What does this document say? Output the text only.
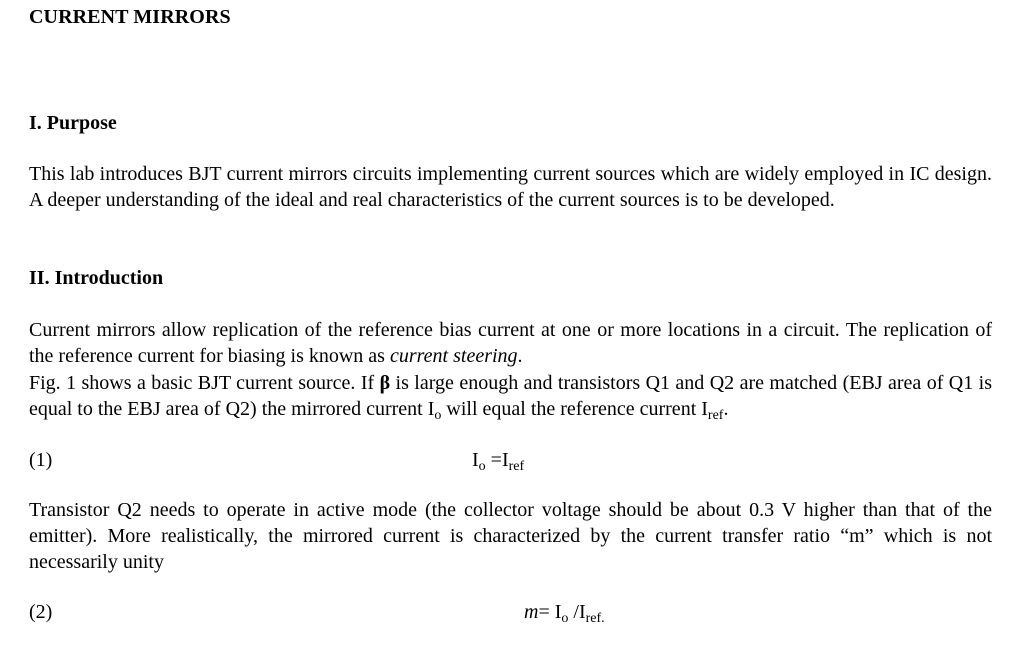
CURRENT MIRRORS
I. Purpose
This lab introduces BJT current mirrors circuits implementing current sources which are widely employed in IC design. A deeper understanding of the ideal and real characteristics of the current sources is to be developed.
II. Introduction
Current mirrors allow replication of the reference bias current at one or more locations in a circuit. The replication of the reference current for biasing is known as current steering.
Fig. 1 shows a basic BJT current source. If β is large enough and transistors Q1 and Q2 are matched (EBJ area of Q1 is equal to the EBJ area of Q2) the mirrored current $I_o$ will equal the reference current $I_{ref}$.
(1)	$I_o =I_{ref}$
Transistor Q2 needs to operate in active mode (the collector voltage should be about 0.3 V higher than that of the emitter). More realistically, the mirrored current is characterized by the current transfer ratio “m” which is not necessarily unity
(2)	$m= I_o$ $/I_{ref.}$
